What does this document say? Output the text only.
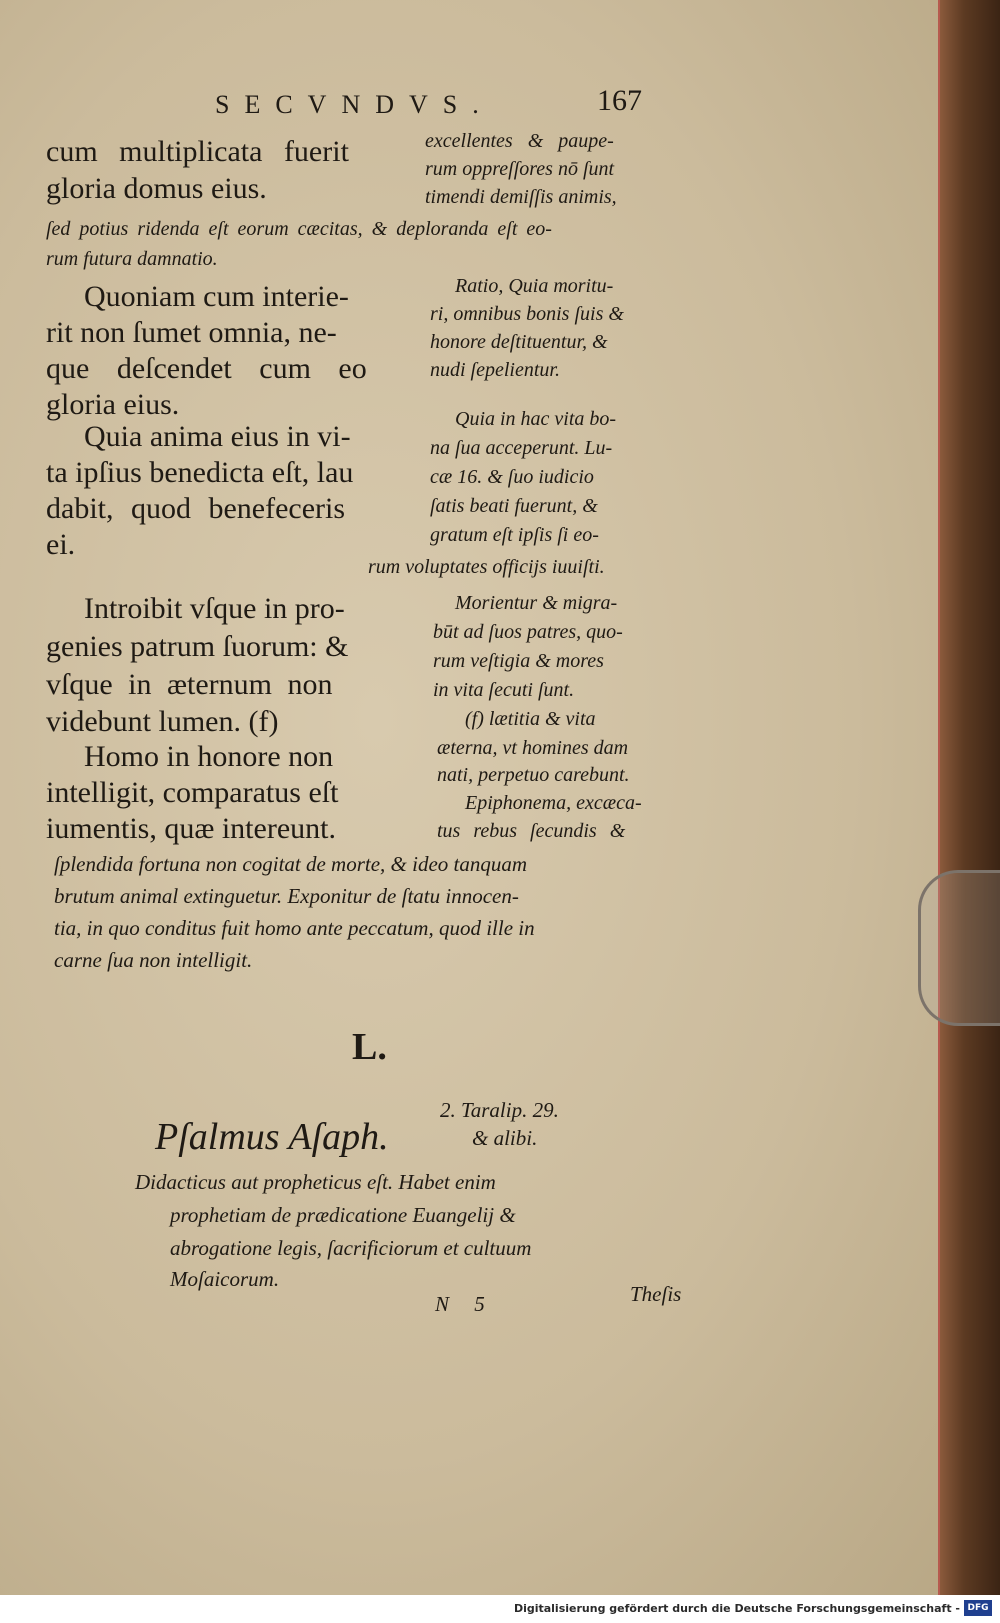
SECVNDVS.	167
cum multiplicata fuerit
gloria domus eius.
excellentes & paupe-
rum oppreſſores nō ſunt
timendi demiſſis animis,
ſed potius ridenda eſt eorum cæcitas, & deploranda eſt eo-
rum futura damnatio.
Quoniam cum interie-
rit non ſumet omnia, ne-
que deſcendet cum eo
gloria eius.
Ratio, Quia moritu-
ri, omnibus bonis ſuis &
honore deſtituentur, &
nudi ſepelientur.
Quia anima eius in vi-
ta ipſius benedicta eſt, lau
dabit, quod benefeceris
ei.
Quia in hac vita bo-
na ſua acceperunt. Lu-
cæ 16. & ſuo iudicio
ſatis beati fuerunt, &
gratum eſt ipſis ſi eo-
rum voluptates officijs iuuiſti.
Introibit vſque in pro-
genies patrum ſuorum: &
vſque in æternum non
videbunt lumen. (f)
Homo in honore non
intelligit, comparatus eſt
iumentis, quæ intereunt.
Morientur & migra-
būt ad ſuos patres, quo-
rum veſtigia & mores
in vita ſecuti ſunt.
(f) lætitia & vita
æterna, vt homines dam
nati, perpetuo carebunt.
Epiphonema, excæca-
tus rebus ſecundis &
ſplendida fortuna non cogitat de morte, & ideo tanquam
brutum animal extinguetur. Exponitur de ſtatu innocen-
tia, in quo conditus fuit homo ante peccatum, quod ille in
carne ſua non intelligit.
L.
Pſalmus Aſaph.
2. Taralip. 29.
& alibi.
Didacticus aut propheticus eſt. Habet enim
prophetiam de prædicatione Euangelij &
abrogatione legis, ſacrificiorum et cultuum
Moſaicorum.
N 5	Theſis
Digitalisierung gefördert durch die Deutsche Forschungsgemeinschaft - DFG
